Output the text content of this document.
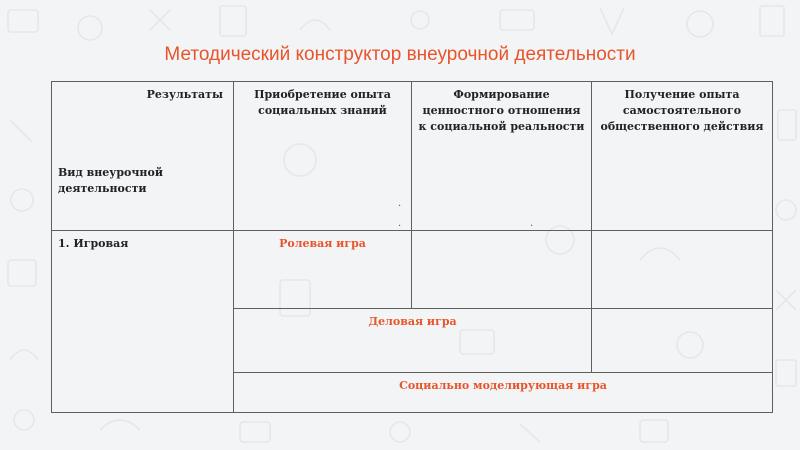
Методический конструктор внеурочной деятельности
Результаты
Вид внеурочной деятельности	Приобретение опыта социальных знаний	Формирование ценностного отношения к социальной реальности	Получение опыта самостоятельного общественного действия
1. Игровая	Ролевая игра		
	Деловая игра		
	Социально моделирующая игра		
.
.	.
